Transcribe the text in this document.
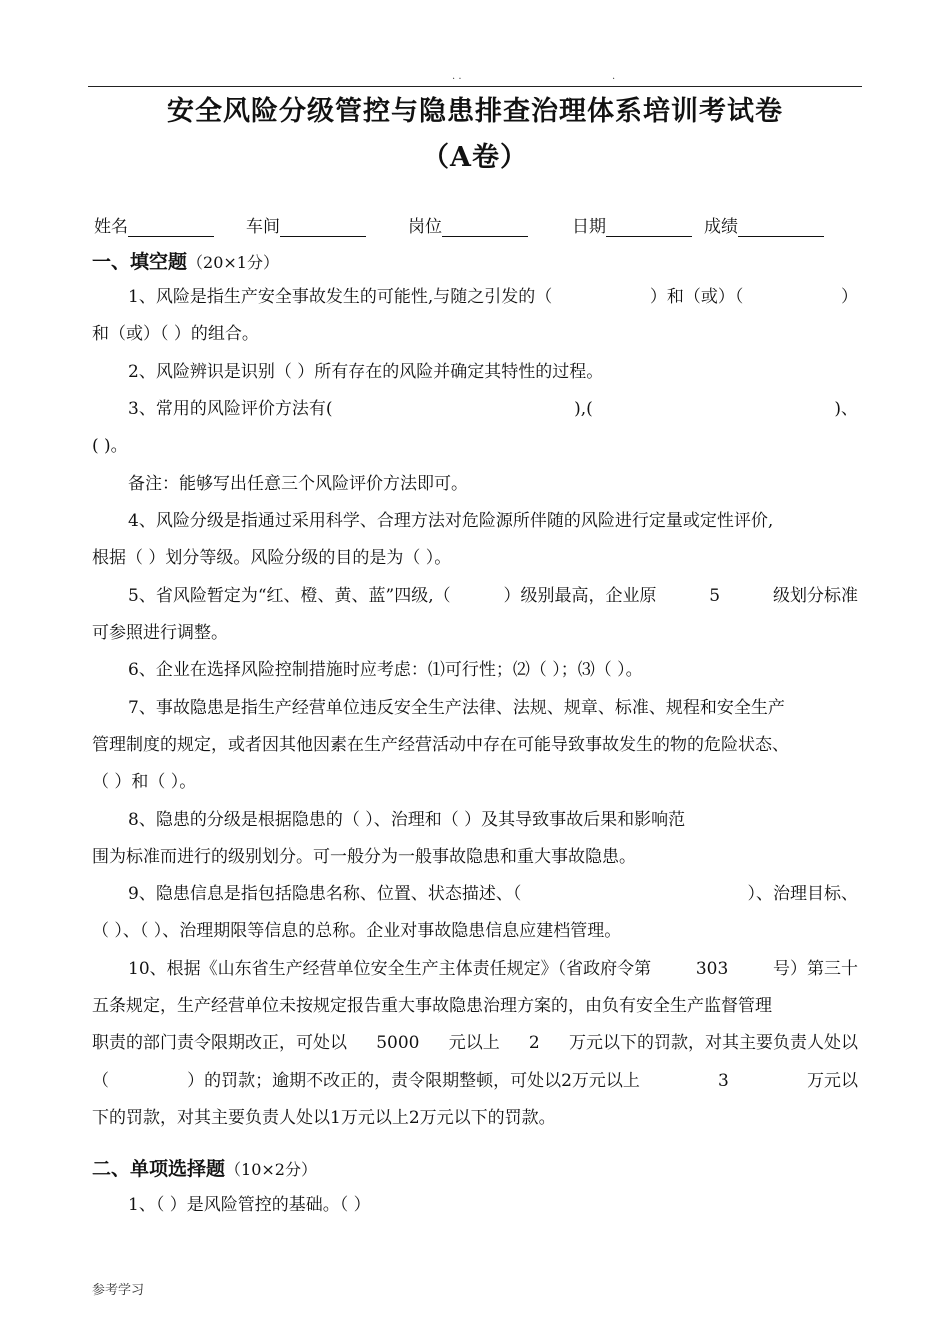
. .	.
安全风险分级管控与隐患排查治理体系培训考试卷
（A卷）
姓名	车间	岗位	日期	成绩
一、填空题（20×1分）
1、风险是指生产安全事故发生的可能性,与随之引发的（	）和（或）（	）
和（或）（ ）的组合。
2、风险辨识是识别（ ）所有存在的风险并确定其特性的过程。
3、常用的风险评价方法有(	),(	)、
( )。
备注：能够写出任意三个风险评价方法即可。
4、风险分级是指通过采用科学、合理方法对危险源所伴随的风险进行定量或定性评价,
根据（ ）划分等级。风险分级的目的是为（ ）。
5、省风险暂定为“红、橙、黄、蓝”四级,（	）级别最高，企业原	5	级划分标准
可参照进行调整。
6、企业在选择风险控制措施时应考虑：⑴可行性；⑵（ ）；⑶（ ）。
7、事故隐患是指生产经营单位违反安全生产法律、法规、规章、标准、规程和安全生产
管理制度的规定，或者因其他因素在生产经营活动中存在可能导致事故发生的物的危险状态、
（ ）和（ ）。
8、隐患的分级是根据隐患的（ ）、治理和（ ）及其导致事故后果和影响范
围为标准而进行的级别划分。可一般分为一般事故隐患和重大事故隐患。
9、隐患信息是指包括隐患名称、位置、状态描述、（	）、治理目标、
（ ）、（ ）、治理期限等信息的总称。企业对事故隐患信息应建档管理。
10、根据《山东省生产经营单位安全生产主体责任规定》（省政府令第	303	号）第三十
五条规定，生产经营单位未按规定报告重大事故隐患治理方案的，由负有安全生产监督管理
职责的部门责令限期改正，可处以 5000 元以上 2 万元以下的罚款，对其主要负责人处以
（	）的罚款；逾期不改正的，责令限期整顿，可处以2万元以上	3	万元以
下的罚款，对其主要负责人处以1万元以上2万元以下的罚款。
二、单项选择题（10×2分）
1、（ ）是风险管控的基础。（ ）
参考学习
